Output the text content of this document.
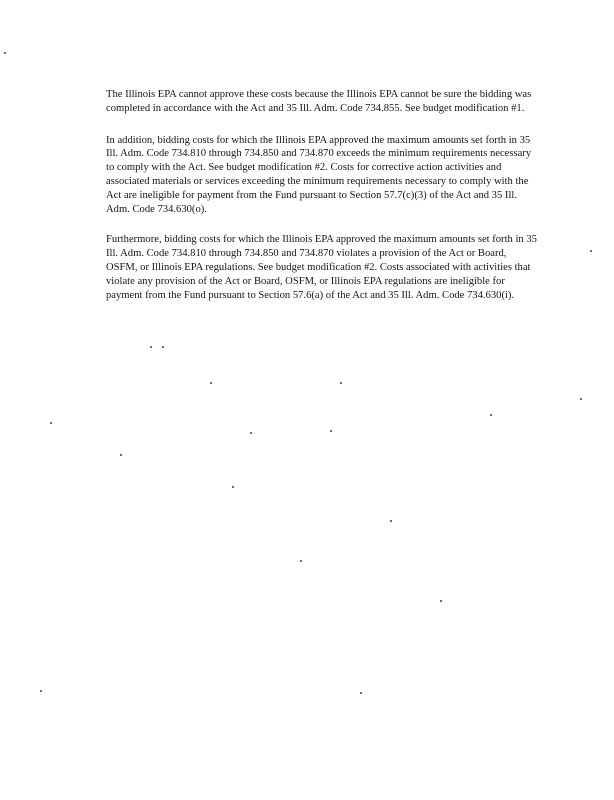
The Illinois EPA cannot approve these costs because the Illinois EPA cannot be sure the bidding was completed in accordance with the Act and 35 Ill. Adm. Code 734.855. See budget modification #1.

In addition, bidding costs for which the Illinois EPA approved the maximum amounts set forth in 35 Ill. Adm. Code 734.810 through 734.850 and 734.870 exceeds the minimum requirements necessary to comply with the Act. See budget modification #2. Costs for corrective action activities and associated materials or services exceeding the minimum requirements necessary to comply with the Act are ineligible for payment from the Fund pursuant to Section 57.7(c)(3) of the Act and 35 Ill. Adm. Code 734.630(o).

Furthermore, bidding costs for which the Illinois EPA approved the maximum amounts set forth in 35 Ill. Adm. Code 734.810 through 734.850 and 734.870 violates a provision of the Act or Board, OSFM, or Illinois EPA regulations. See budget modification #2. Costs associated with activities that violate any provision of the Act or Board, OSFM, or Illinois EPA regulations are ineligible for payment from the Fund pursuant to Section 57.6(a) of the Act and 35 Ill. Adm. Code 734.630(i).
